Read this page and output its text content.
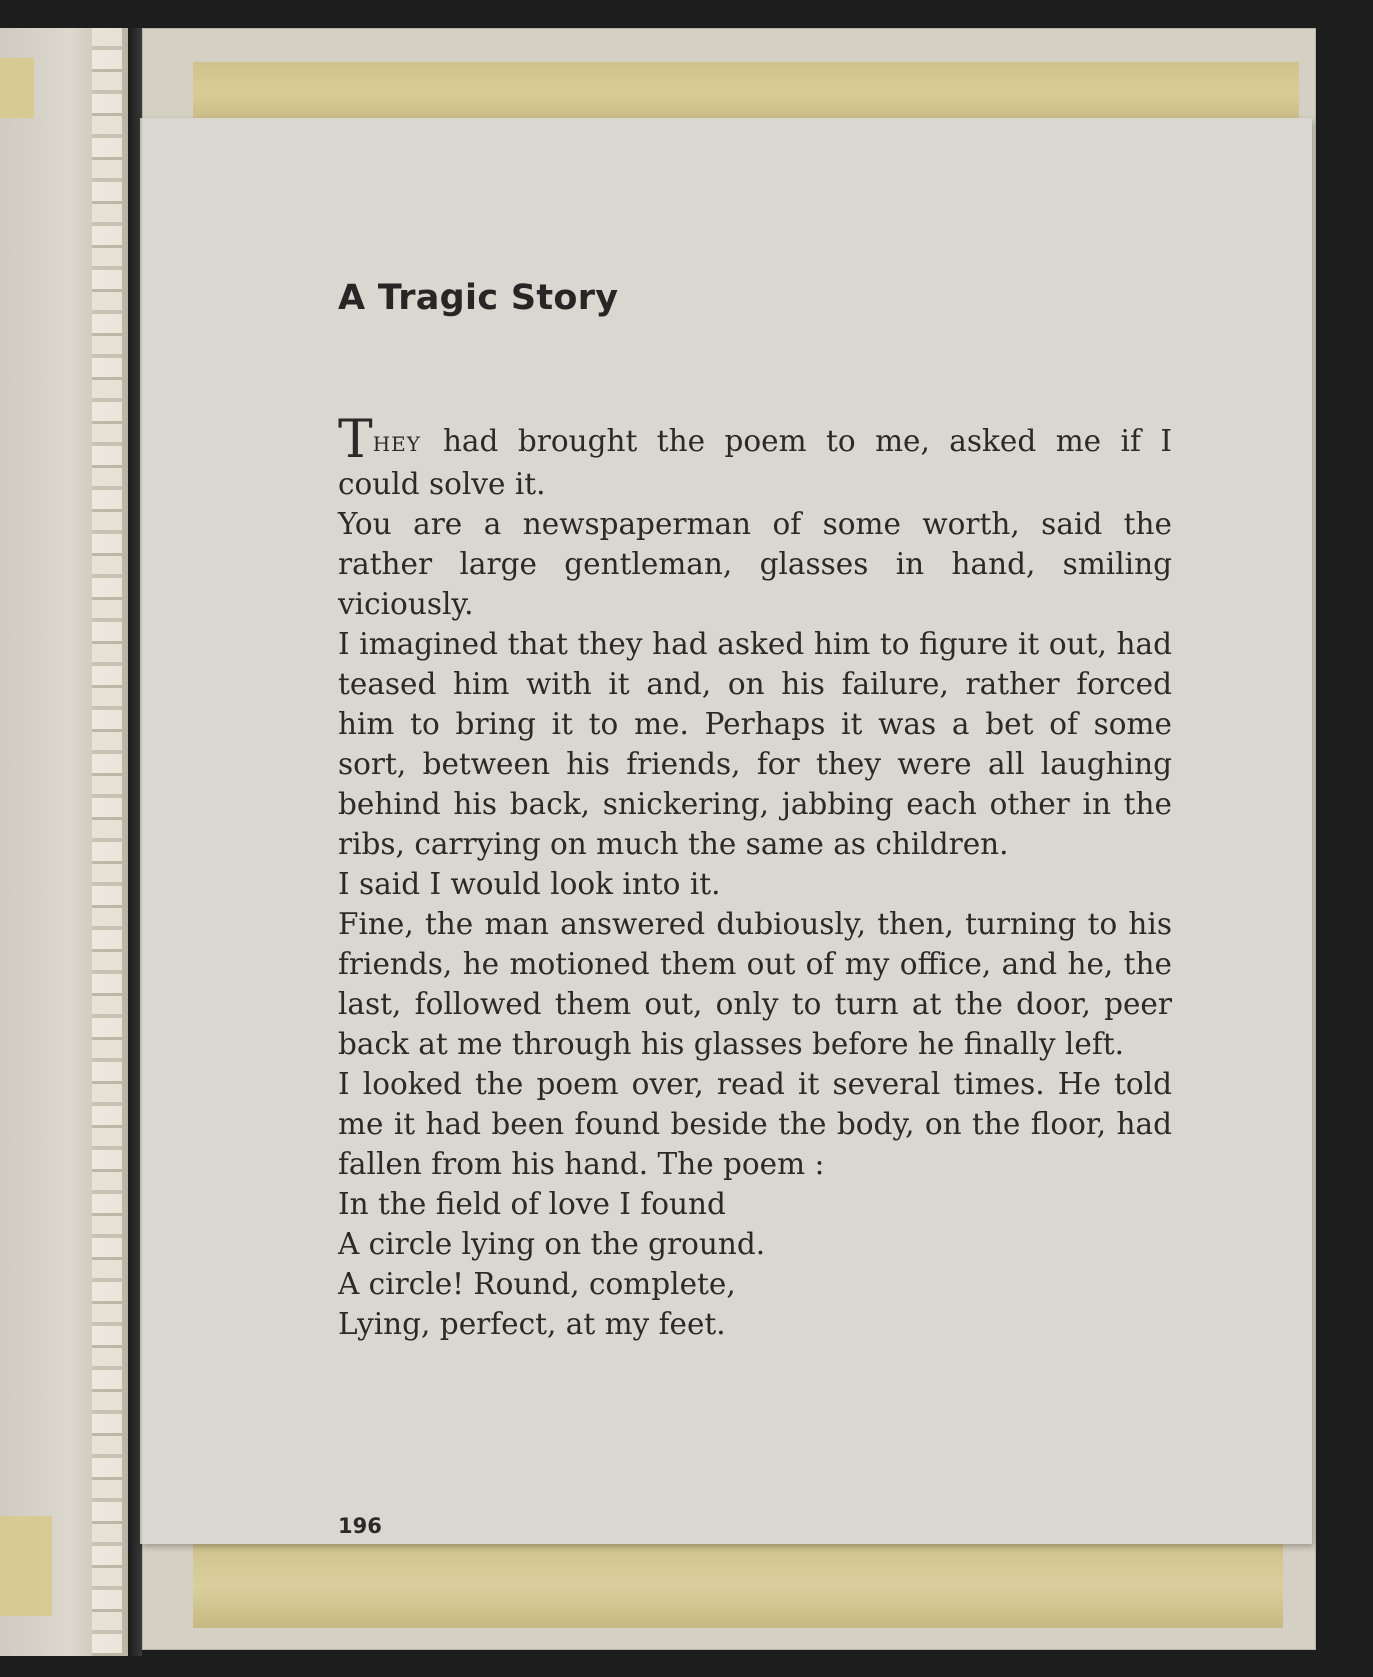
A Tragic Story

THEY had brought the poem to me, asked me if I could solve it.

You are a newspaperman of some worth, said the rather large gentleman, glasses in hand, smiling viciously.

I imagined that they had asked him to figure it out, had teased him with it and, on his failure, rather forced him to bring it to me. Perhaps it was a bet of some sort, between his friends, for they were all laughing behind his back, snickering, jabbing each other in the ribs, carrying on much the same as children.

I said I would look into it.

Fine, the man answered dubiously, then, turning to his friends, he motioned them out of my office, and he, the last, followed them out, only to turn at the door, peer back at me through his glasses before he finally left.

I looked the poem over, read it several times. He told me it had been found beside the body, on the floor, had fallen from his hand. The poem :

In the field of love I found

A circle lying on the ground.

A circle! Round, complete,

Lying, perfect, at my feet.

196
